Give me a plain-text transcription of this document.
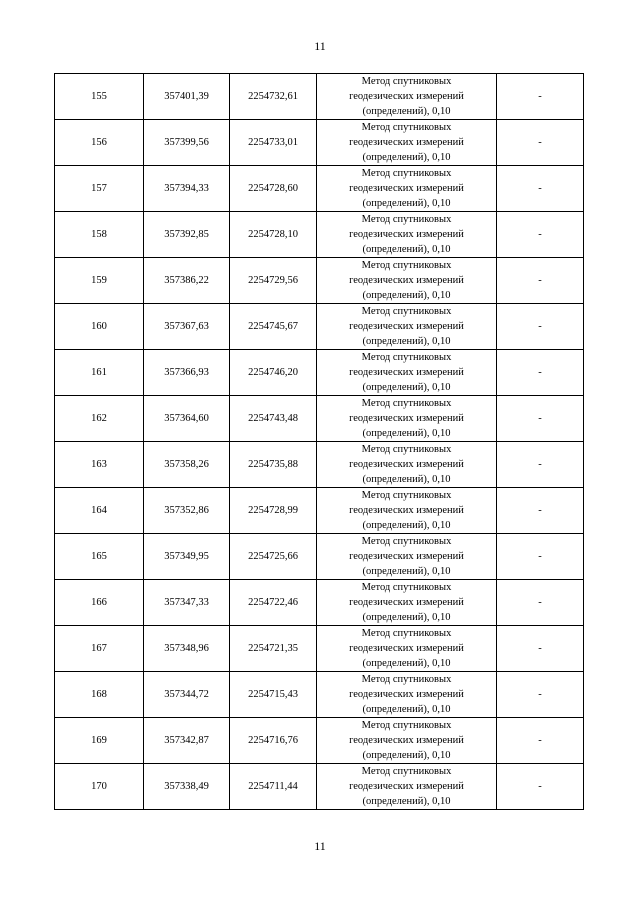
11
155	357401,39	2254732,61	Метод спутниковых
геодезических измерений
(определений), 0,10	-
156	357399,56	2254733,01	Метод спутниковых
геодезических измерений
(определений), 0,10	-
157	357394,33	2254728,60	Метод спутниковых
геодезических измерений
(определений), 0,10	-
158	357392,85	2254728,10	Метод спутниковых
геодезических измерений
(определений), 0,10	-
159	357386,22	2254729,56	Метод спутниковых
геодезических измерений
(определений), 0,10	-
160	357367,63	2254745,67	Метод спутниковых
геодезических измерений
(определений), 0,10	-
161	357366,93	2254746,20	Метод спутниковых
геодезических измерений
(определений), 0,10	-
162	357364,60	2254743,48	Метод спутниковых
геодезических измерений
(определений), 0,10	-
163	357358,26	2254735,88	Метод спутниковых
геодезических измерений
(определений), 0,10	-
164	357352,86	2254728,99	Метод спутниковых
геодезических измерений
(определений), 0,10	-
165	357349,95	2254725,66	Метод спутниковых
геодезических измерений
(определений), 0,10	-
166	357347,33	2254722,46	Метод спутниковых
геодезических измерений
(определений), 0,10	-
167	357348,96	2254721,35	Метод спутниковых
геодезических измерений
(определений), 0,10	-
168	357344,72	2254715,43	Метод спутниковых
геодезических измерений
(определений), 0,10	-
169	357342,87	2254716,76	Метод спутниковых
геодезических измерений
(определений), 0,10	-
170	357338,49	2254711,44	Метод спутниковых
геодезических измерений
(определений), 0,10	-
11
